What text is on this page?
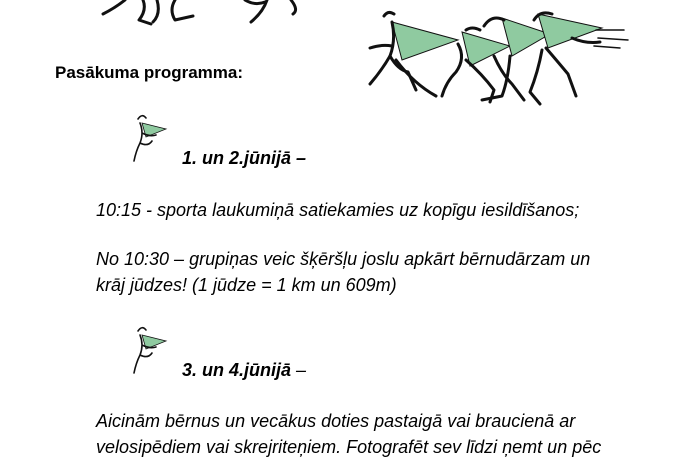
Pasākuma programma:
1. un 2.jūnijā –
10:15 - sporta laukumiņā satiekamies uz kopīgu iesildīšanos;
No 10:30 – grupiņas veic šķēršļu joslu apkārt bērnudārzam un
krāj jūdzes! (1 jūdze = 1 km un 609m)
3. un 4.jūnijā –
Aicinām bērnus un vecākus doties pastaigā vai braucienā ar
velosipēdiem vai skrejriteņiem. Fotografēt sev līdzi ņemt un pēc
